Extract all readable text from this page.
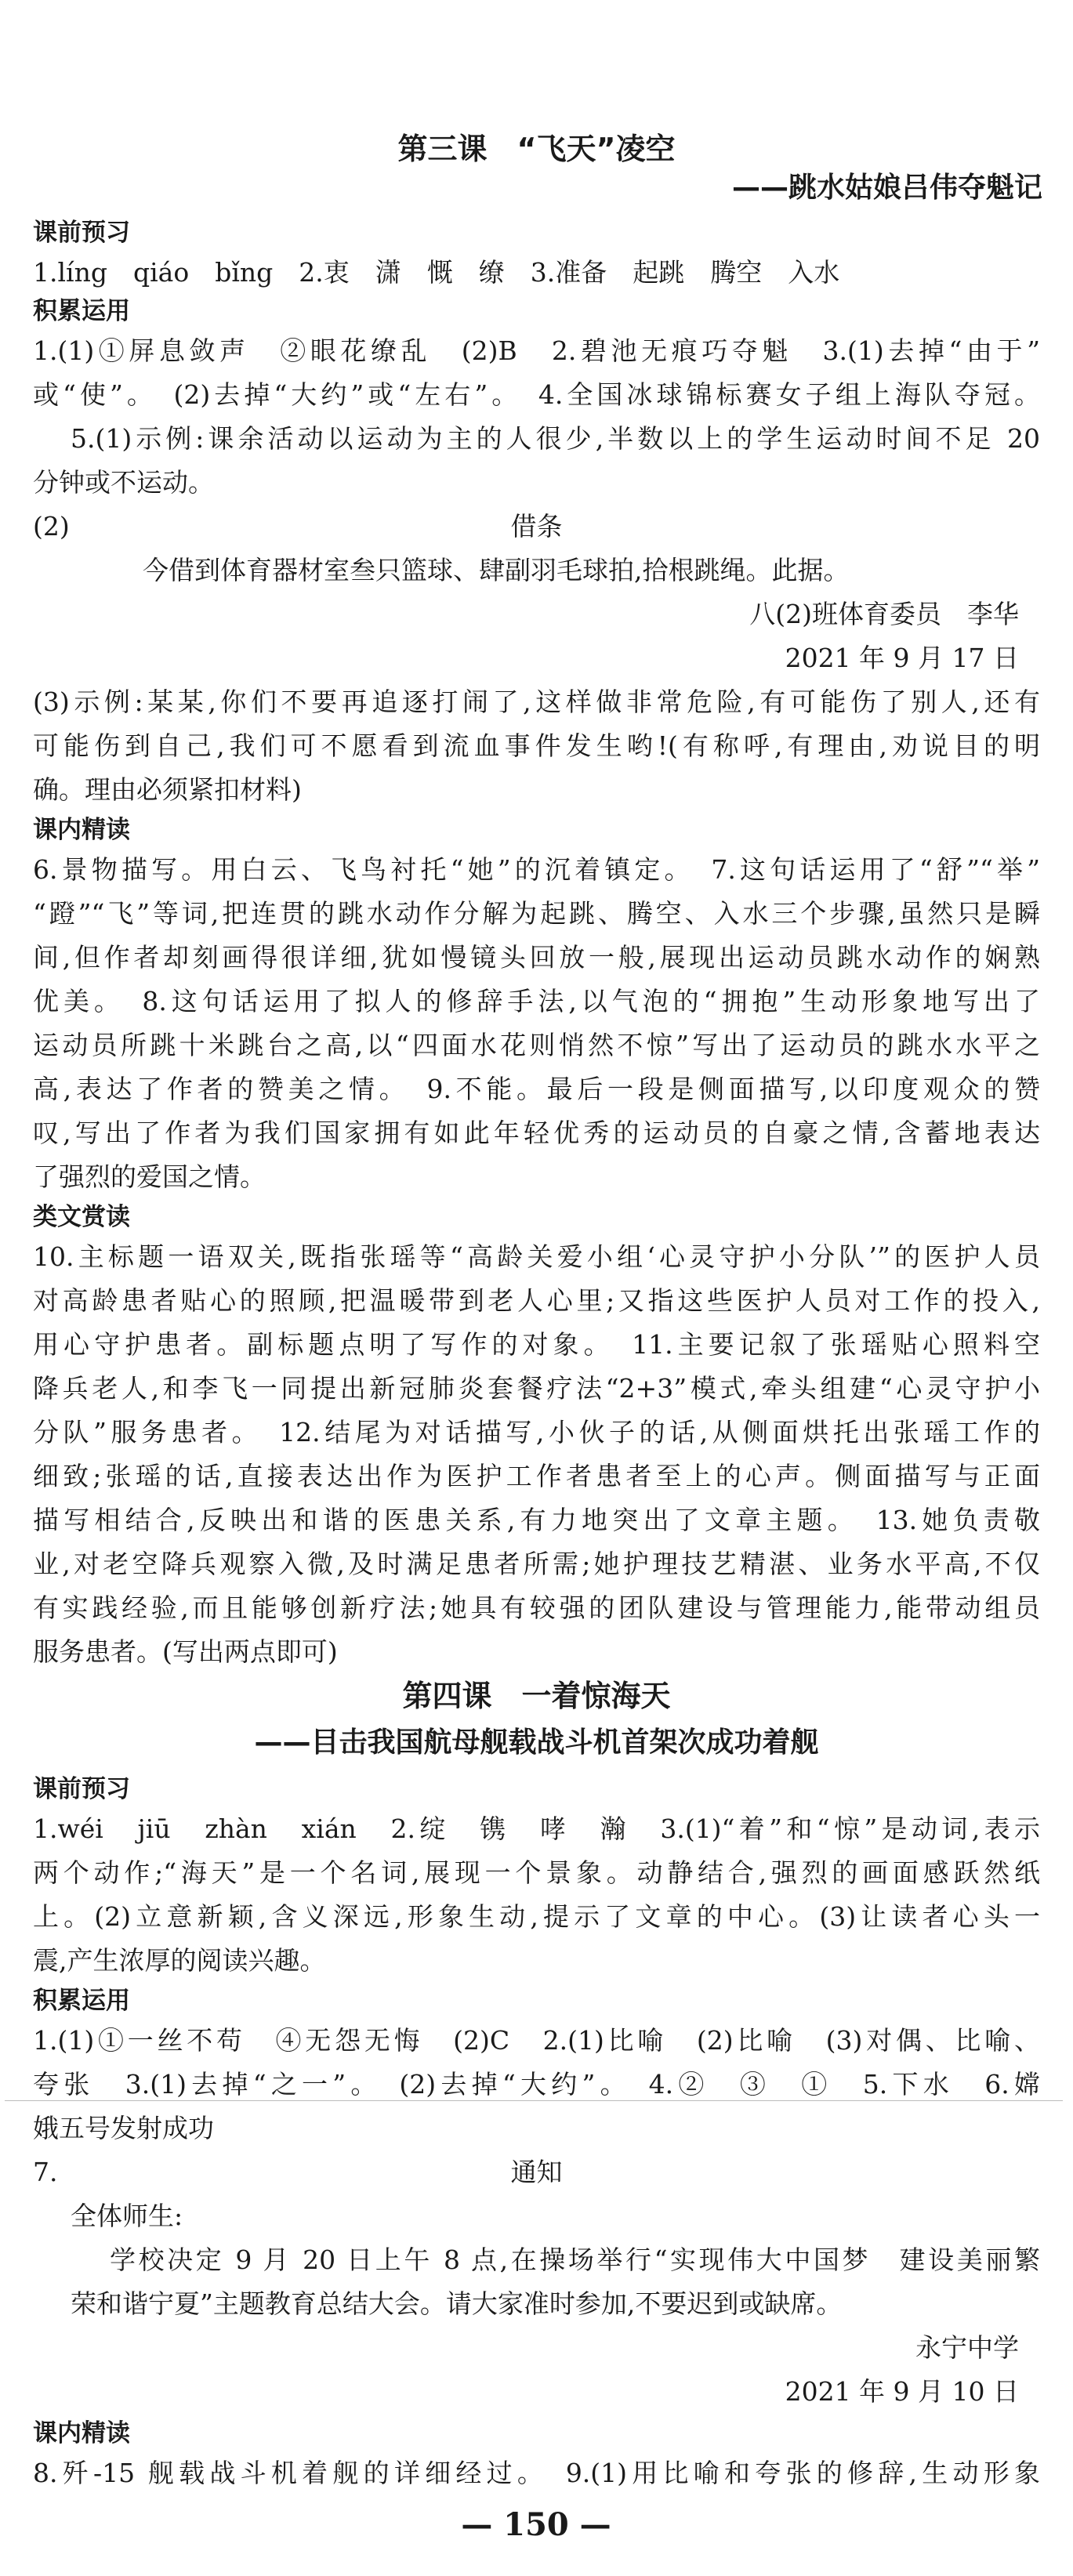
第三课　“飞天”凌空
——跳水姑娘吕伟夺魁记
课前预习
1.líng　qiáo　bǐng　2.衷　潇　慨　缭　3.准备　起跳　腾空　入水
积累运用
1.(1)①屏息敛声　②眼花缭乱　(2)B　2.碧池无痕巧夺魁　3.(1)去掉“由于”
或“使”。　(2)去掉“大约”或“左右”。　4.全国冰球锦标赛女子组上海队夺冠。
5.(1)示例:课余活动以运动为主的人很少,半数以上的学生运动时间不足 20
分钟或不运动。
(2)	借条
今借到体育器材室叁只篮球、肆副羽毛球拍,拾根跳绳。此据。
八(2)班体育委员　李华
2021 年 9 月 17 日
(3)示例:某某,你们不要再追逐打闹了,这样做非常危险,有可能伤了别人,还有
可能伤到自己,我们可不愿看到流血事件发生哟!(有称呼,有理由,劝说目的明
确。理由必须紧扣材料)
课内精读
6.景物描写。用白云、飞鸟衬托“她”的沉着镇定。　7.这句话运用了“舒”“举”
“蹬”“飞”等词,把连贯的跳水动作分解为起跳、腾空、入水三个步骤,虽然只是瞬
间,但作者却刻画得很详细,犹如慢镜头回放一般,展现出运动员跳水动作的娴熟
优美。　8.这句话运用了拟人的修辞手法,以气泡的“拥抱”生动形象地写出了
运动员所跳十米跳台之高,以“四面水花则悄然不惊”写出了运动员的跳水水平之
高,表达了作者的赞美之情。　9.不能。最后一段是侧面描写,以印度观众的赞
叹,写出了作者为我们国家拥有如此年轻优秀的运动员的自豪之情,含蓄地表达
了强烈的爱国之情。
类文赏读
10.主标题一语双关,既指张瑶等“高龄关爱小组‘心灵守护小分队’”的医护人员
对高龄患者贴心的照顾,把温暖带到老人心里;又指这些医护人员对工作的投入,
用心守护患者。副标题点明了写作的对象。　11.主要记叙了张瑶贴心照料空
降兵老人,和李飞一同提出新冠肺炎套餐疗法“2+3”模式,牵头组建“心灵守护小
分队”服务患者。　12.结尾为对话描写,小伙子的话,从侧面烘托出张瑶工作的
细致;张瑶的话,直接表达出作为医护工作者患者至上的心声。侧面描写与正面
描写相结合,反映出和谐的医患关系,有力地突出了文章主题。　13.她负责敬
业,对老空降兵观察入微,及时满足患者所需;她护理技艺精湛、业务水平高,不仅
有实践经验,而且能够创新疗法;她具有较强的团队建设与管理能力,能带动组员
服务患者。(写出两点即可)
第四课　一着惊海天
——目击我国航母舰载战斗机首架次成功着舰
课前预习
1.wéi　jiū　zhàn　xián　2.绽　镌　哮　瀚　3.(1)“着”和“惊”是动词,表示
两个动作;“海天”是一个名词,展现一个景象。动静结合,强烈的画面感跃然纸
上。(2)立意新颖,含义深远,形象生动,提示了文章的中心。(3)让读者心头一
震,产生浓厚的阅读兴趣。
积累运用
1.(1)①一丝不苟　④无怨无悔　(2)C　2.(1)比喻　(2)比喻　(3)对偶、比喻、
夸张　3.(1)去掉“之一”。　(2)去掉“大约”。　4.②　③　①　5.下水　6.嫦
娥五号发射成功
7.	通知
全体师生:
学校决定 9 月 20 日上午 8 点,在操场举行“实现伟大中国梦　建设美丽繁
荣和谐宁夏”主题教育总结大会。请大家准时参加,不要迟到或缺席。
永宁中学
2021 年 9 月 10 日
课内精读
8.歼-15 舰载战斗机着舰的详细经过。　9.(1)用比喻和夸张的修辞,生动形象
— 150 —
